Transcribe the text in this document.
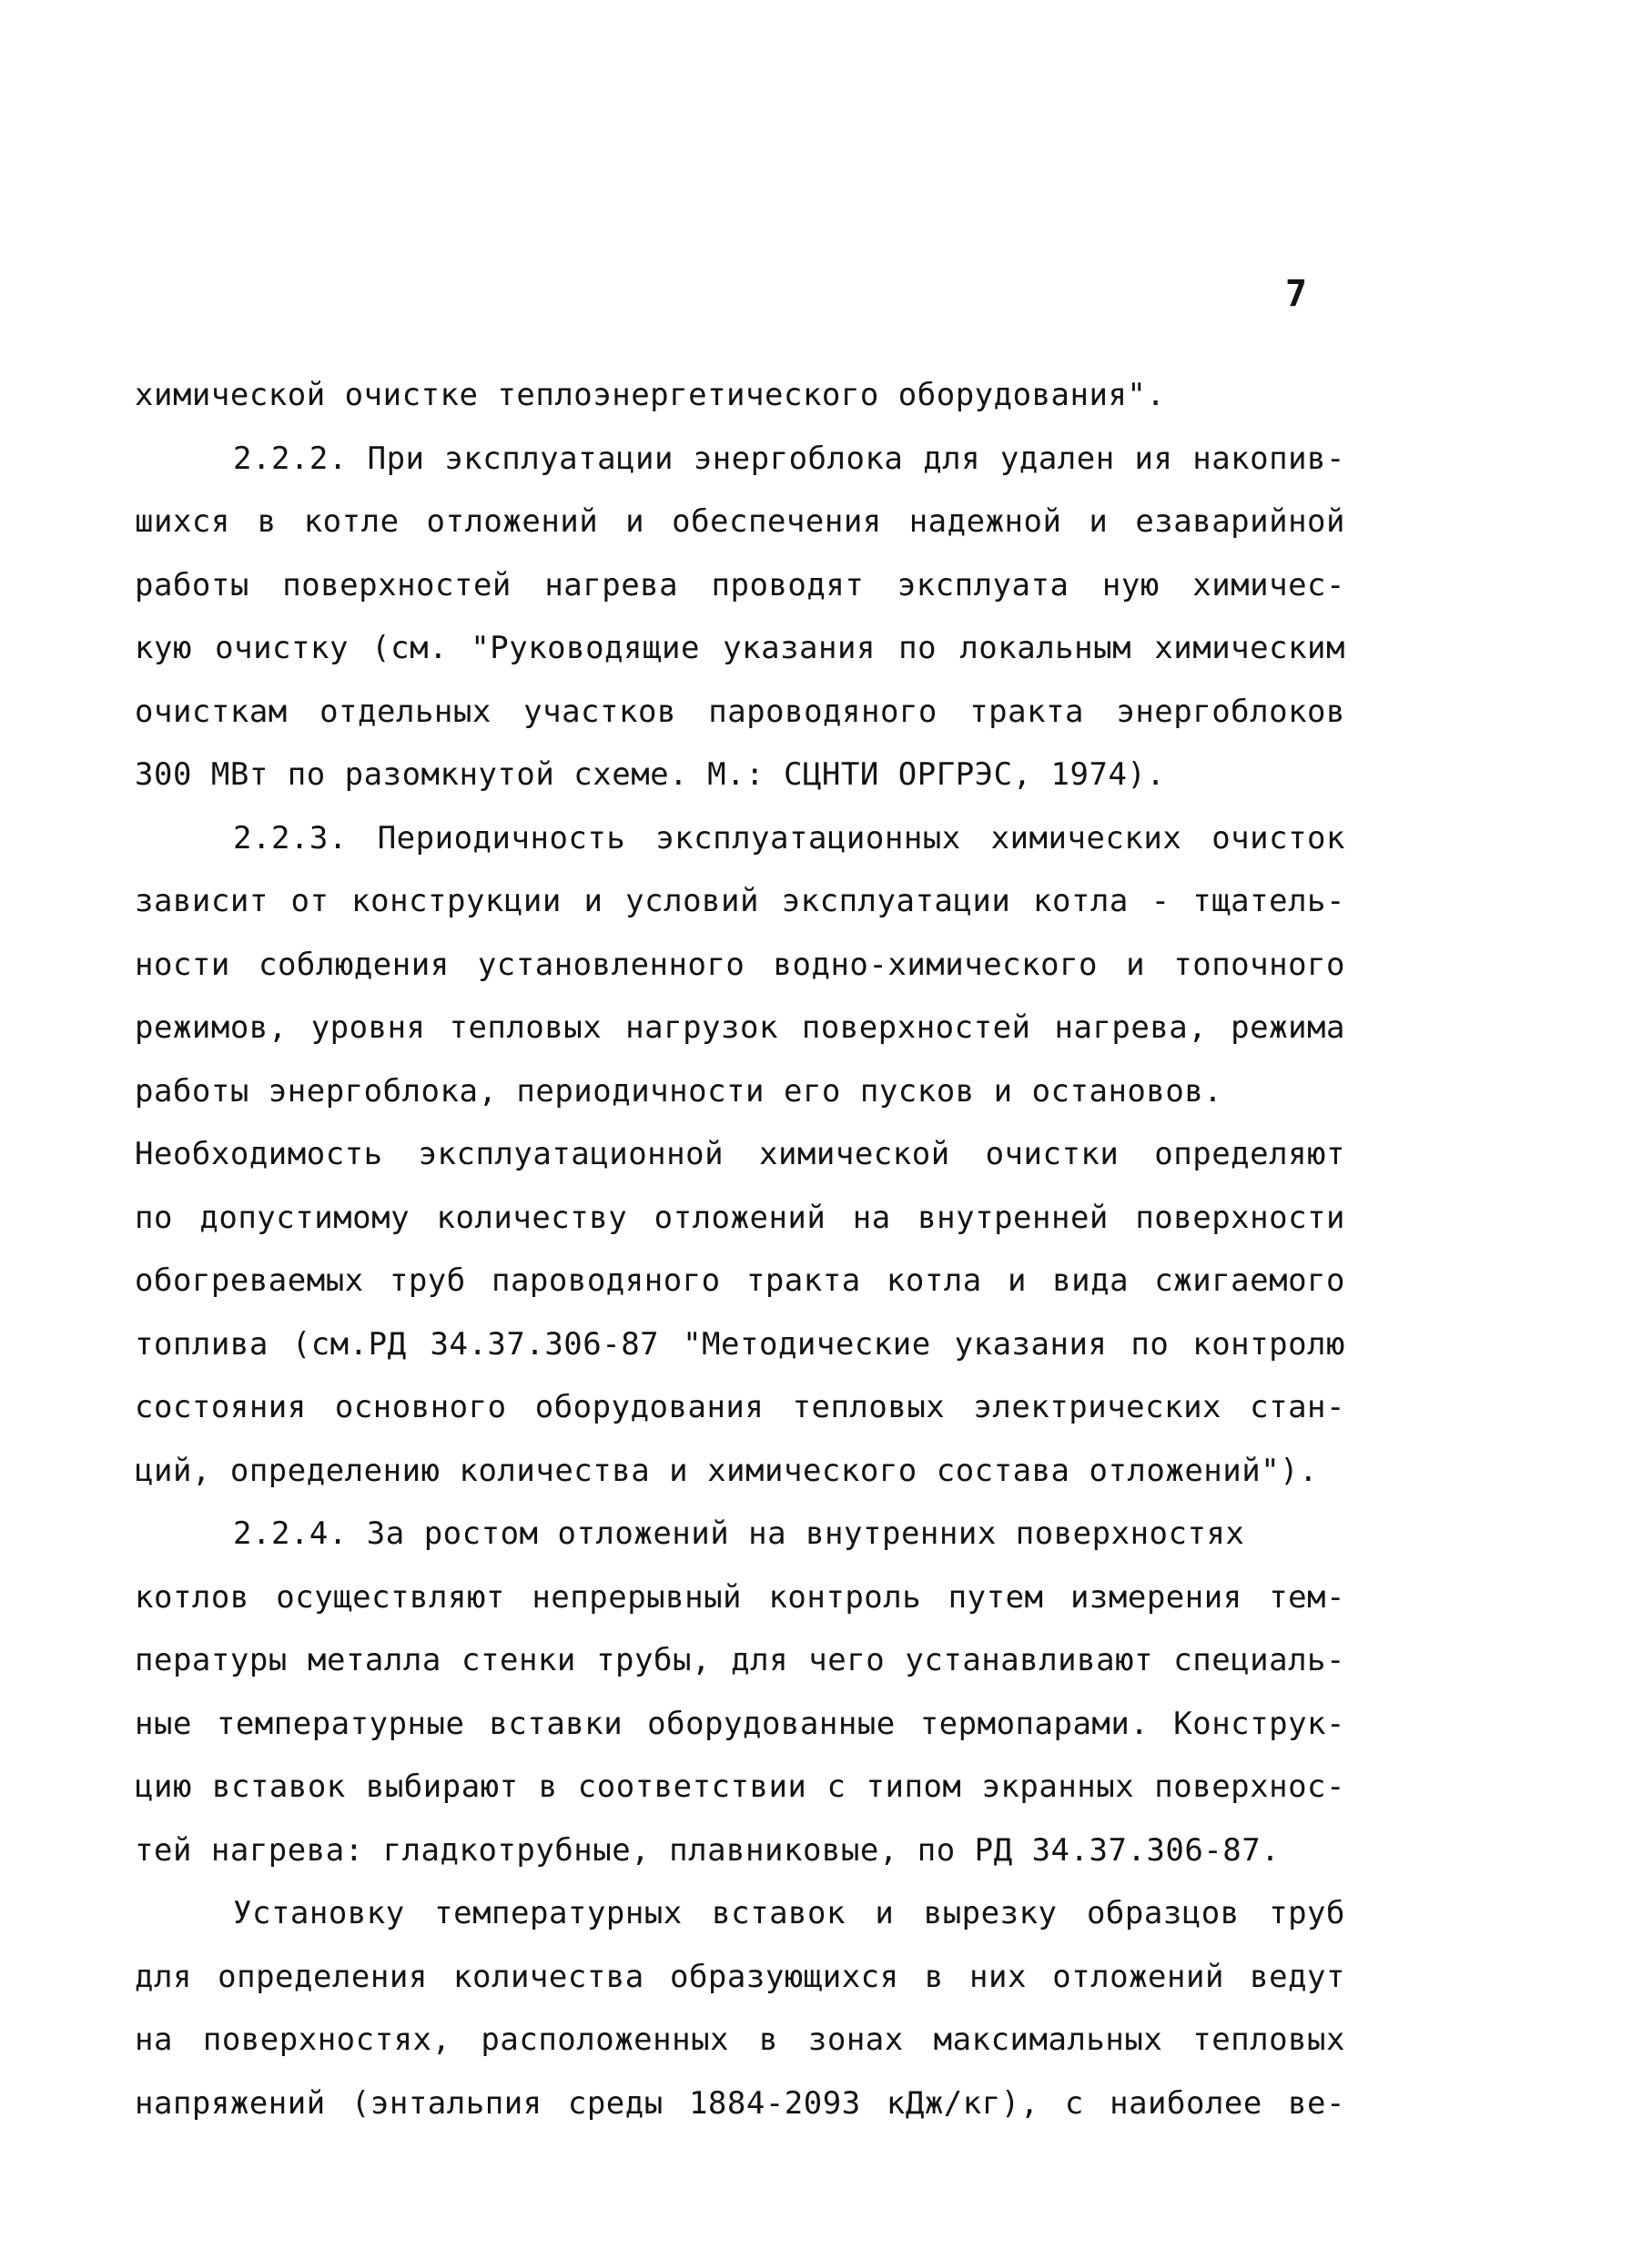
7
химической очистке теплоэнергетического оборудования".
2.2.2. При эксплуатации энергоблока для удален ия накопив-
шихся в котле отложений и обеспечения надежной и езаварийной
работы поверхностей нагрева проводят эксплуата ную химичес-
кую очистку (см. "Руководящие указания по локальным химическим
очисткам отдельных участков пароводяного тракта энергоблоков
300 МВт по разомкнутой схеме. М.: СЦНТИ ОРГРЭС, 1974).
2.2.3. Периодичность эксплуатационных химических очисток
зависит от конструкции и условий эксплуатации котла - тщатель-
ности соблюдения установленного водно-химического и топочного
режимов, уровня тепловых нагрузок поверхностей нагрева, режима
работы энергоблока, периодичности его пусков и остановов.
Необходимость эксплуатационной химической очистки определяют
по допустимому количеству отложений на внутренней поверхности
обогреваемых труб пароводяного тракта котла и вида сжигаемого
топлива (см.РД 34.37.306-87 "Методические указания по контролю
состояния основного оборудования тепловых электрических стан-
ций, определению количества и химического состава отложений").
2.2.4. За ростом отложений на внутренних поверхностях
котлов осуществляют непрерывный контроль путем измерения тем-
пературы металла стенки трубы, для чего устанавливают специаль-
ные температурные вставки оборудованные термопарами. Конструк-
цию вставок выбирают в соответствии с типом экранных поверхнос-
тей нагрева: гладкотрубные, плавниковые, по РД 34.37.306-87.
Установку температурных вставок и вырезку образцов труб
для определения количества образующихся в них отложений ведут
на поверхностях, расположенных в зонах максимальных тепловых
напряжений (энтальпия среды 1884-2093 кДж/кг), с наиболее ве-
